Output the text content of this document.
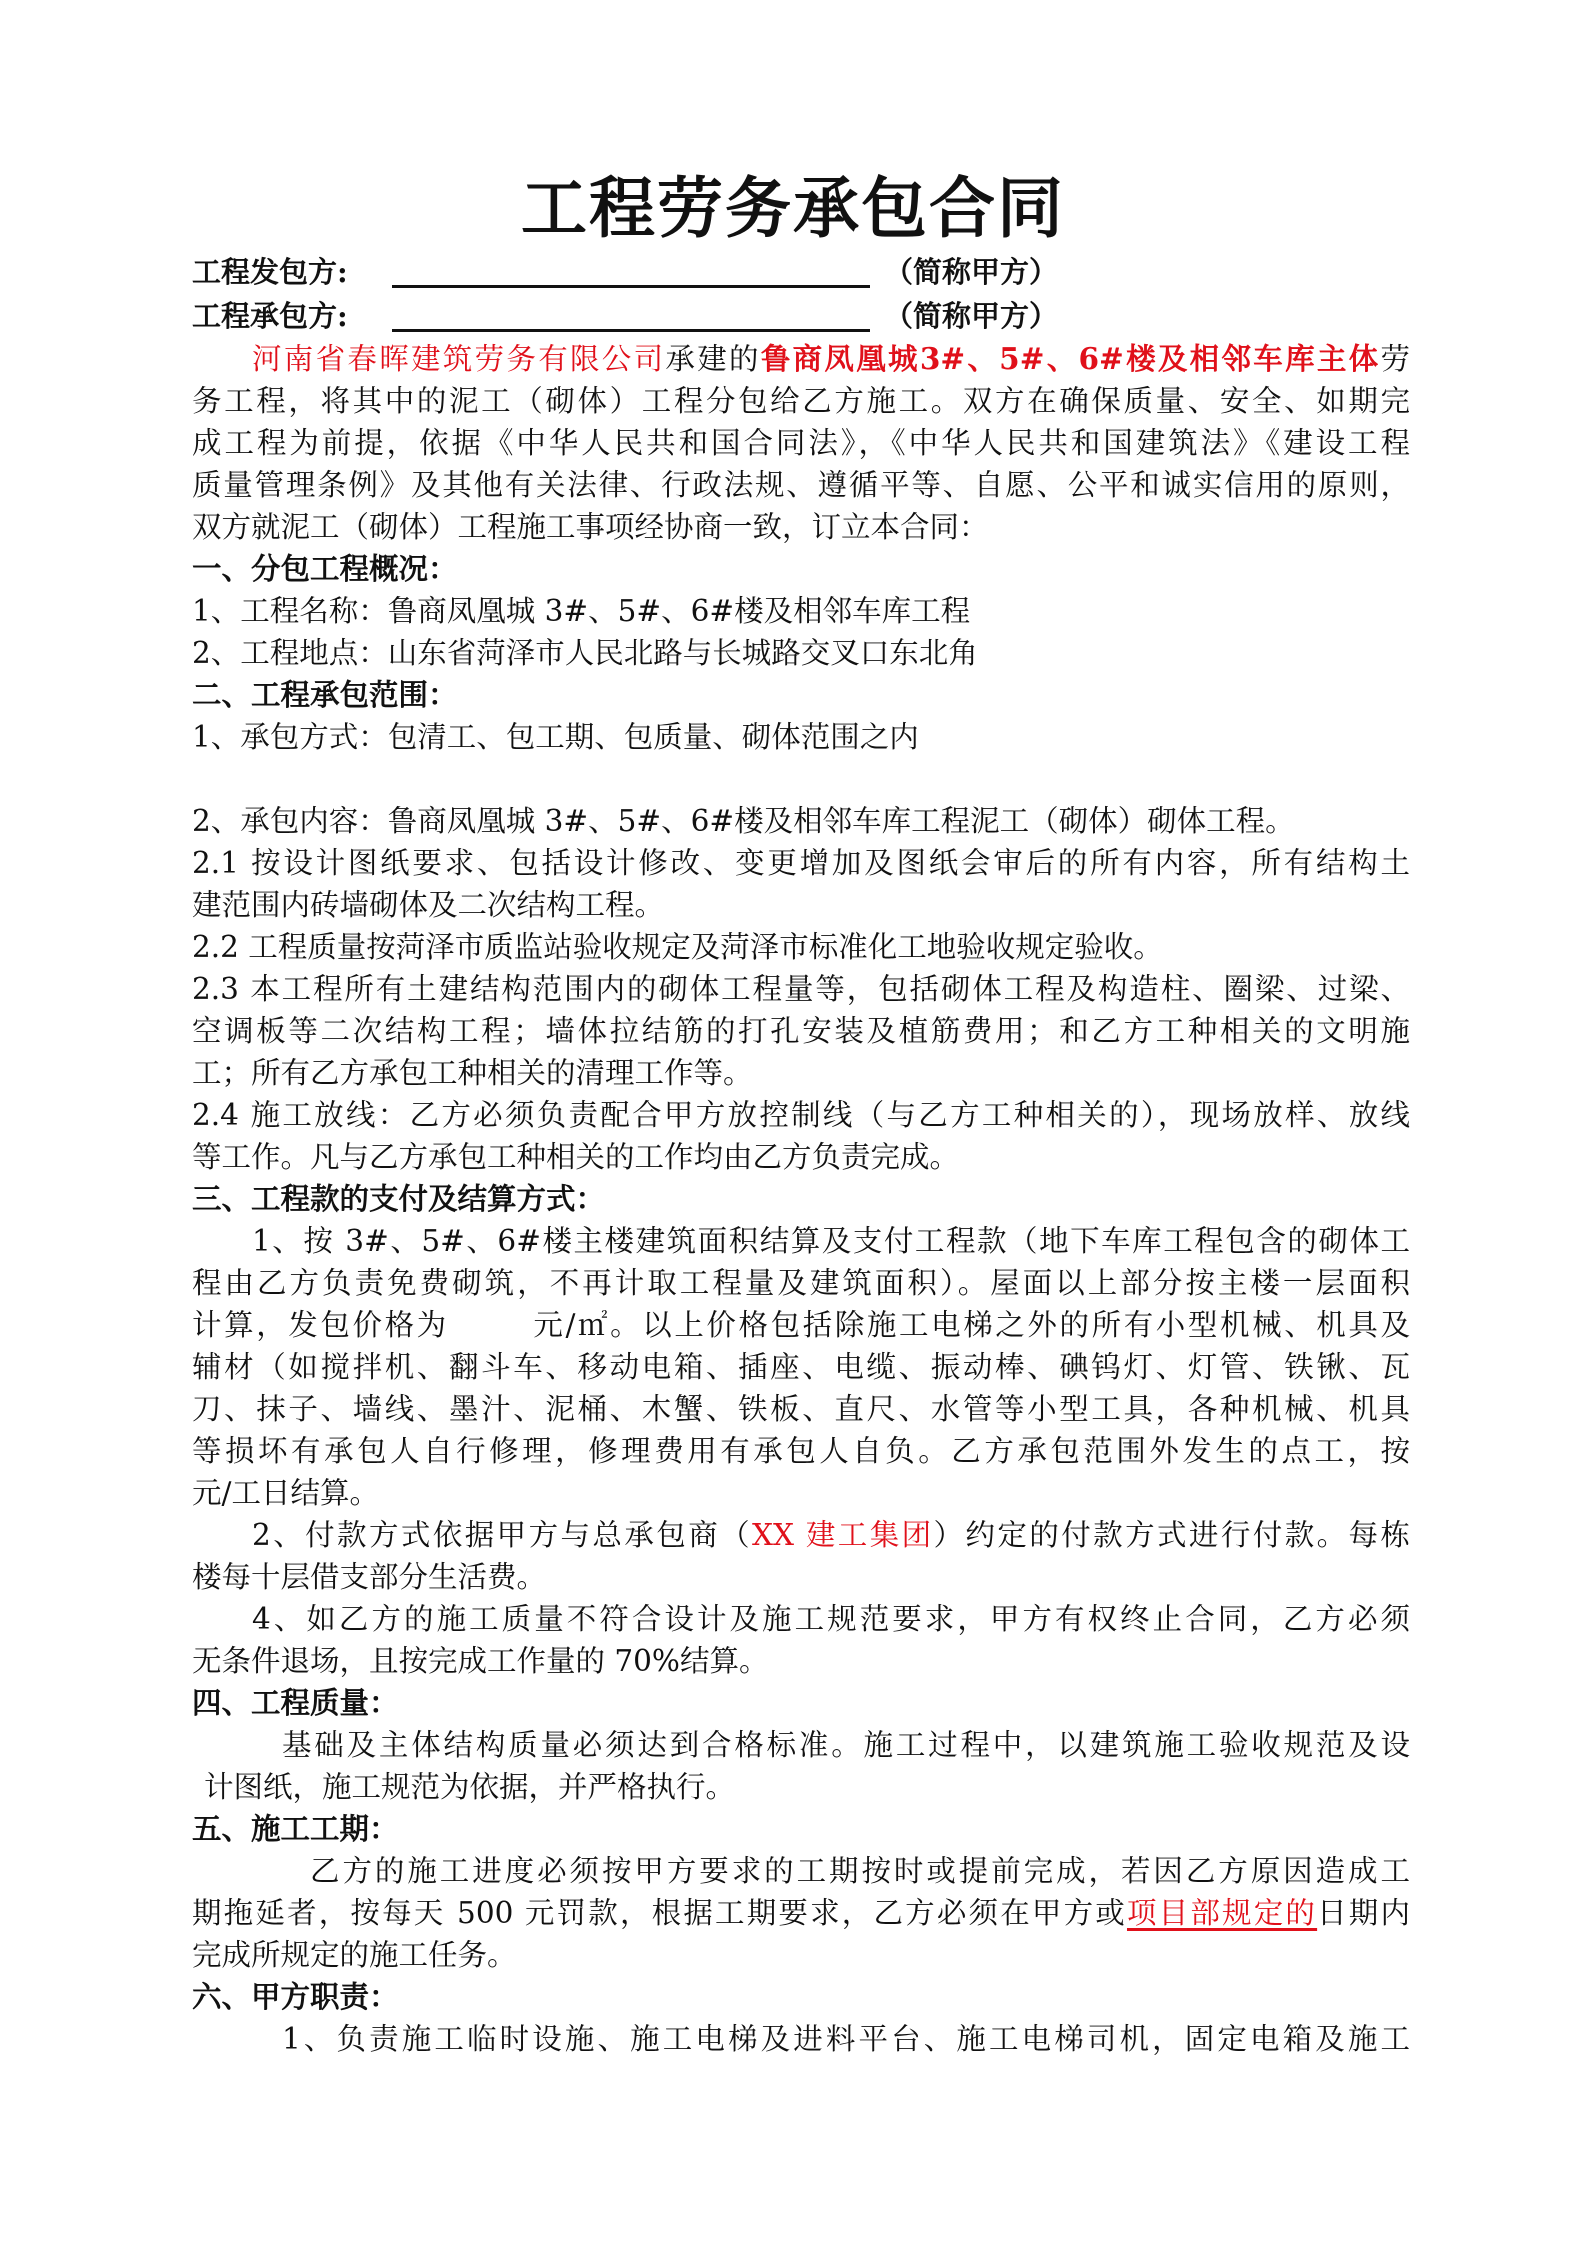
工程劳务承包合同
工程发包方:	（简称甲方）
工程承包方:	（简称甲方）
河南省春晖建筑劳务有限公司承建的鲁商凤凰城3#、5#、6#楼及相邻车库主体劳
务工程，将其中的泥工（砌体）工程分包给乙方施工。双方在确保质量、安全、如期完
成工程为前提，依据《中华人民共和国合同法》，《中华人民共和国建筑法》《建设工程
质量管理条例》及其他有关法律、行政法规、遵循平等、自愿、公平和诚实信用的原则，
双方就泥工（砌体）工程施工事项经协商一致，订立本合同：
一、分包工程概况：
1、工程名称：鲁商凤凰城 3#、5#、6#楼及相邻车库工程
2、工程地点：山东省菏泽市人民北路与长城路交叉口东北角
二、工程承包范围：
1、承包方式：包清工、包工期、包质量、砌体范围之内
2、承包内容：鲁商凤凰城 3#、5#、6#楼及相邻车库工程泥工（砌体）砌体工程。
2.1 按设计图纸要求、包括设计修改、变更增加及图纸会审后的所有内容，所有结构土
建范围内砖墙砌体及二次结构工程。
2.2 工程质量按菏泽市质监站验收规定及菏泽市标准化工地验收规定验收。
2.3 本工程所有土建结构范围内的砌体工程量等，包括砌体工程及构造柱、圈梁、过梁、
空调板等二次结构工程；墙体拉结筋的打孔安装及植筋费用；和乙方工种相关的文明施
工；所有乙方承包工种相关的清理工作等。
2.4 施工放线：乙方必须负责配合甲方放控制线（与乙方工种相关的），现场放样、放线
等工作。凡与乙方承包工种相关的工作均由乙方负责完成。
三、工程款的支付及结算方式：
1、按 3#、5#、6#楼主楼建筑面积结算及支付工程款（地下车库工程包含的砌体工
程由乙方负责免费砌筑，不再计取工程量及建筑面积）。屋面以上部分按主楼一层面积
计算，发包价格为	元/㎡。以上价格包括除施工电梯之外的所有小型机械、机具及
辅材（如搅拌机、翻斗车、移动电箱、插座、电缆、振动棒、碘钨灯、灯管、铁锹、瓦
刀、抹子、墙线、墨汁、泥桶、木蟹、铁板、直尺、水管等小型工具，各种机械、机具
等损坏有承包人自行修理，修理费用有承包人自负。乙方承包范围外发生的点工，按
元/工日结算。
2、付款方式依据甲方与总承包商（XX 建工集团）约定的付款方式进行付款。每栋
楼每十层借支部分生活费。
4、如乙方的施工质量不符合设计及施工规范要求，甲方有权终止合同，乙方必须
无条件退场，且按完成工作量的 70%结算。
四、工程质量：
基础及主体结构质量必须达到合格标准。施工过程中，以建筑施工验收规范及设
计图纸，施工规范为依据，并严格执行。
五、施工工期：
乙方的施工进度必须按甲方要求的工期按时或提前完成，若因乙方原因造成工
期拖延者，按每天 500 元罚款，根据工期要求，乙方必须在甲方或项目部规定的日期内
完成所规定的施工任务。
六、甲方职责：
1、负责施工临时设施、施工电梯及进料平台、施工电梯司机，固定电箱及施工
